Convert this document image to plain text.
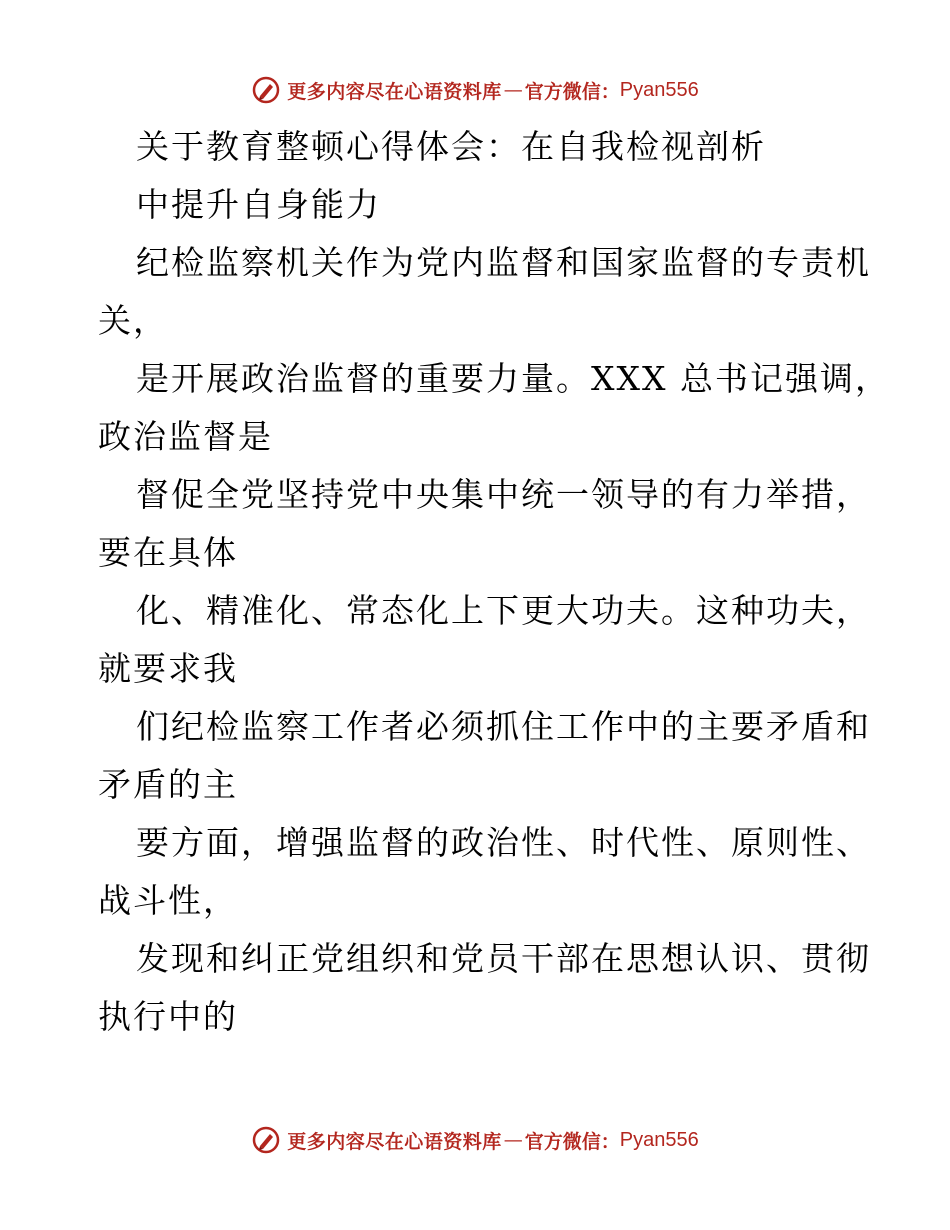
更多内容尽在心语资料库 — 官方微信： Pyan556
关于教育整顿心得体会：在自我检视剖析
中提升自身能力
纪检监察机关作为党内监督和国家监督的专责机
关，
是开展政治监督的重要力量。XXX 总书记强调，
政治监督是
督促全党坚持党中央集中统一领导的有力举措，
要在具体
化、精准化、常态化上下更大功夫。这种功夫，
就要求我
们纪检监察工作者必须抓住工作中的主要矛盾和
矛盾的主
要方面，增强监督的政治性、时代性、原则性、
战斗性，
发现和纠正党组织和党员干部在思想认识、贯彻
执行中的
更多内容尽在心语资料库 — 官方微信： Pyan556
